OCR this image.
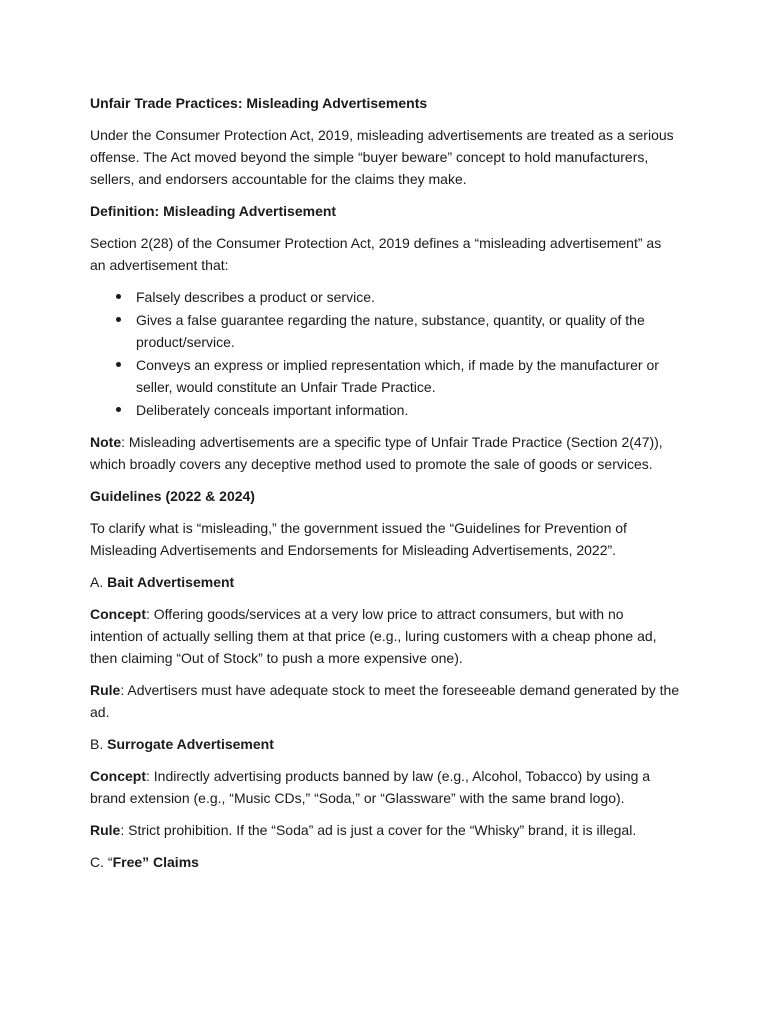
Unfair Trade Practices: Misleading Advertisements

Under the Consumer Protection Act, 2019, misleading advertisements are treated as a serious offense. The Act moved beyond the simple “buyer beware” concept to hold manufacturers, sellers, and endorsers accountable for the claims they make.

Definition: Misleading Advertisement

Section 2(28) of the Consumer Protection Act, 2019 defines a “misleading advertisement” as an advertisement that:

Falsely describes a product or service.
Gives a false guarantee regarding the nature, substance, quantity, or quality of the product/service.
Conveys an express or implied representation which, if made by the manufacturer or seller, would constitute an Unfair Trade Practice.
Deliberately conceals important information.

Note: Misleading advertisements are a specific type of Unfair Trade Practice (Section 2(47)), which broadly covers any deceptive method used to promote the sale of goods or services.

Guidelines (2022 & 2024)

To clarify what is “misleading,” the government issued the “Guidelines for Prevention of Misleading Advertisements and Endorsements for Misleading Advertisements, 2022”.

A. Bait Advertisement

Concept: Offering goods/services at a very low price to attract consumers, but with no intention of actually selling them at that price (e.g., luring customers with a cheap phone ad, then claiming “Out of Stock” to push a more expensive one).

Rule: Advertisers must have adequate stock to meet the foreseeable demand generated by the ad.

B. Surrogate Advertisement

Concept: Indirectly advertising products banned by law (e.g., Alcohol, Tobacco) by using a brand extension (e.g., “Music CDs,” “Soda,” or “Glassware” with the same brand logo).

Rule: Strict prohibition. If the “Soda” ad is just a cover for the “Whisky” brand, it is illegal.

C. “Free” Claims
